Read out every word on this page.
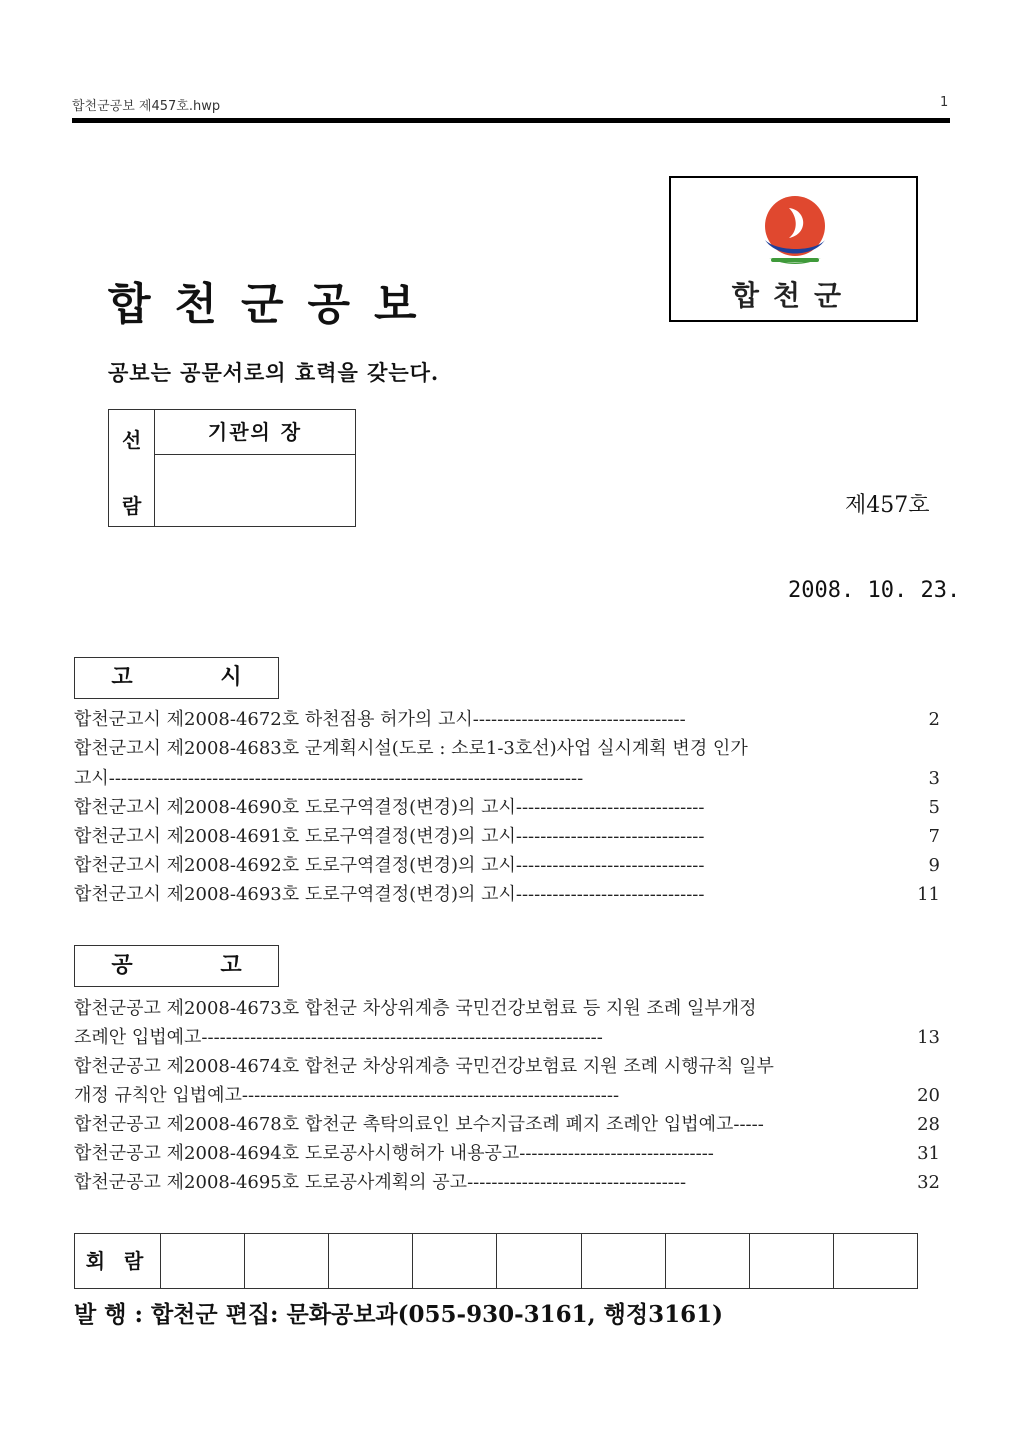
합천군공보 제457호.hwp	1
합천군공보
공보는 공문서로의 효력을 갖는다.
합천군
선
람
기관의 장
제457호
2008. 10. 23.
고 시
합천군고시 제2008-4672호 하천점용 허가의 고시-----------------------------------	2
합천군고시 제2008-4683호 군계획시설(도로 : 소로1-3호선)사업 실시계획 변경 인가
고시------------------------------------------------------------------------------	3
합천군고시 제2008-4690호 도로구역결정(변경)의 고시-------------------------------	5
합천군고시 제2008-4691호 도로구역결정(변경)의 고시-------------------------------	7
합천군고시 제2008-4692호 도로구역결정(변경)의 고시-------------------------------	9
합천군고시 제2008-4693호 도로구역결정(변경)의 고시-------------------------------	11
공 고
합천군공고 제2008-4673호 합천군 차상위계층 국민건강보험료 등 지원 조례 일부개정
조례안 입법예고------------------------------------------------------------------	13
합천군공고 제2008-4674호 합천군 차상위계층 국민건강보험료 지원 조례 시행규칙 일부
개정 규칙안 입법예고--------------------------------------------------------------	20
합천군공고 제2008-4678호 합천군 촉탁의료인 보수지급조례 폐지 조례안 입법예고-----	28
합천군공고 제2008-4694호 도로공사시행허가 내용공고--------------------------------	31
합천군공고 제2008-4695호 도로공사계획의 공고------------------------------------	32
회 람
발 행 : 합천군 편집: 문화공보과(055-930-3161, 행정3161)
